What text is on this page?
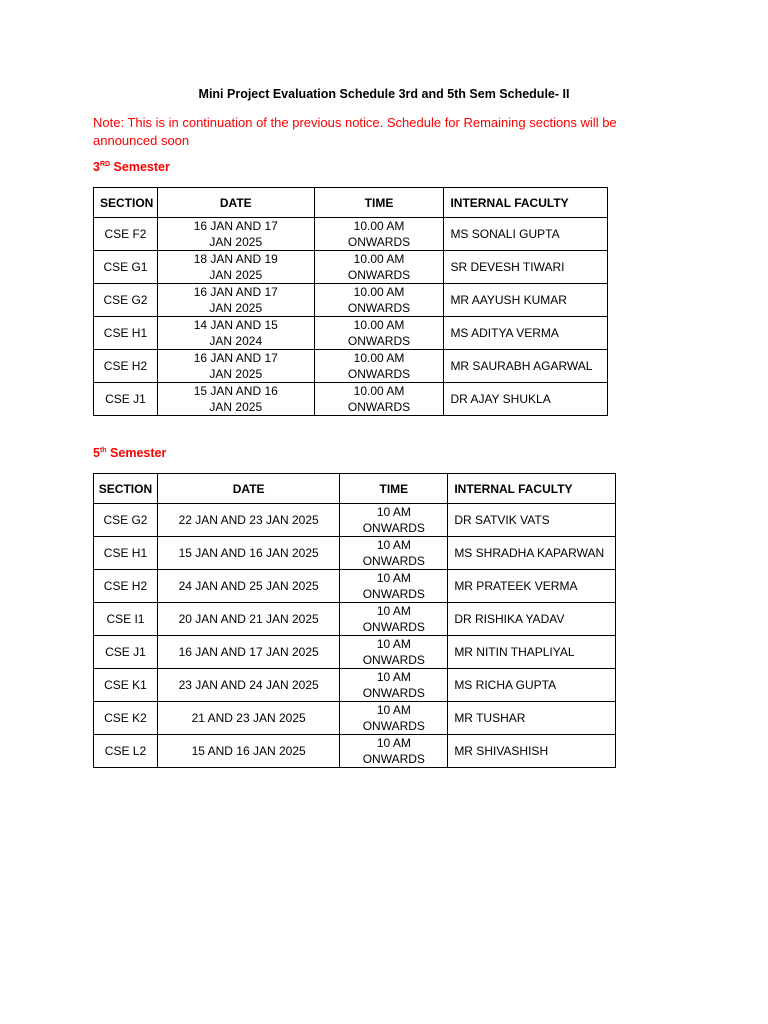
Mini Project Evaluation Schedule 3rd and 5th Sem Schedule- II
Note: This is in continuation of the previous notice. Schedule for Remaining sections will be announced soon
3RD Semester
SECTION	DATE	TIME	INTERNAL FACULTY
CSE F2	16 JAN AND 17 JAN 2025	10.00 AM ONWARDS	MS SONALI GUPTA
CSE G1	18 JAN AND 19 JAN 2025	10.00 AM ONWARDS	SR DEVESH TIWARI
CSE G2	16 JAN AND 17 JAN 2025	10.00 AM ONWARDS	MR AAYUSH KUMAR
CSE H1	14 JAN AND 15 JAN 2024	10.00 AM ONWARDS	MS ADITYA VERMA
CSE H2	16 JAN AND 17 JAN 2025	10.00 AM ONWARDS	MR SAURABH AGARWAL
CSE J1	15 JAN AND 16 JAN 2025	10.00 AM ONWARDS	DR AJAY SHUKLA
5th Semester
SECTION	DATE	TIME	INTERNAL FACULTY
CSE G2	22 JAN AND 23 JAN 2025	10 AM ONWARDS	DR SATVIK VATS
CSE H1	15 JAN AND 16 JAN 2025	10 AM ONWARDS	MS SHRADHA KAPARWAN
CSE H2	24 JAN AND 25 JAN 2025	10 AM ONWARDS	MR PRATEEK VERMA
CSE I1	20 JAN AND 21 JAN 2025	10 AM ONWARDS	DR RISHIKA YADAV
CSE J1	16 JAN AND 17 JAN 2025	10 AM ONWARDS	MR NITIN THAPLIYAL
CSE K1	23 JAN AND 24 JAN 2025	10 AM ONWARDS	MS RICHA GUPTA
CSE K2	21 AND 23 JAN 2025	10 AM ONWARDS	MR TUSHAR
CSE L2	15 AND 16 JAN 2025	10 AM ONWARDS	MR SHIVASHISH
